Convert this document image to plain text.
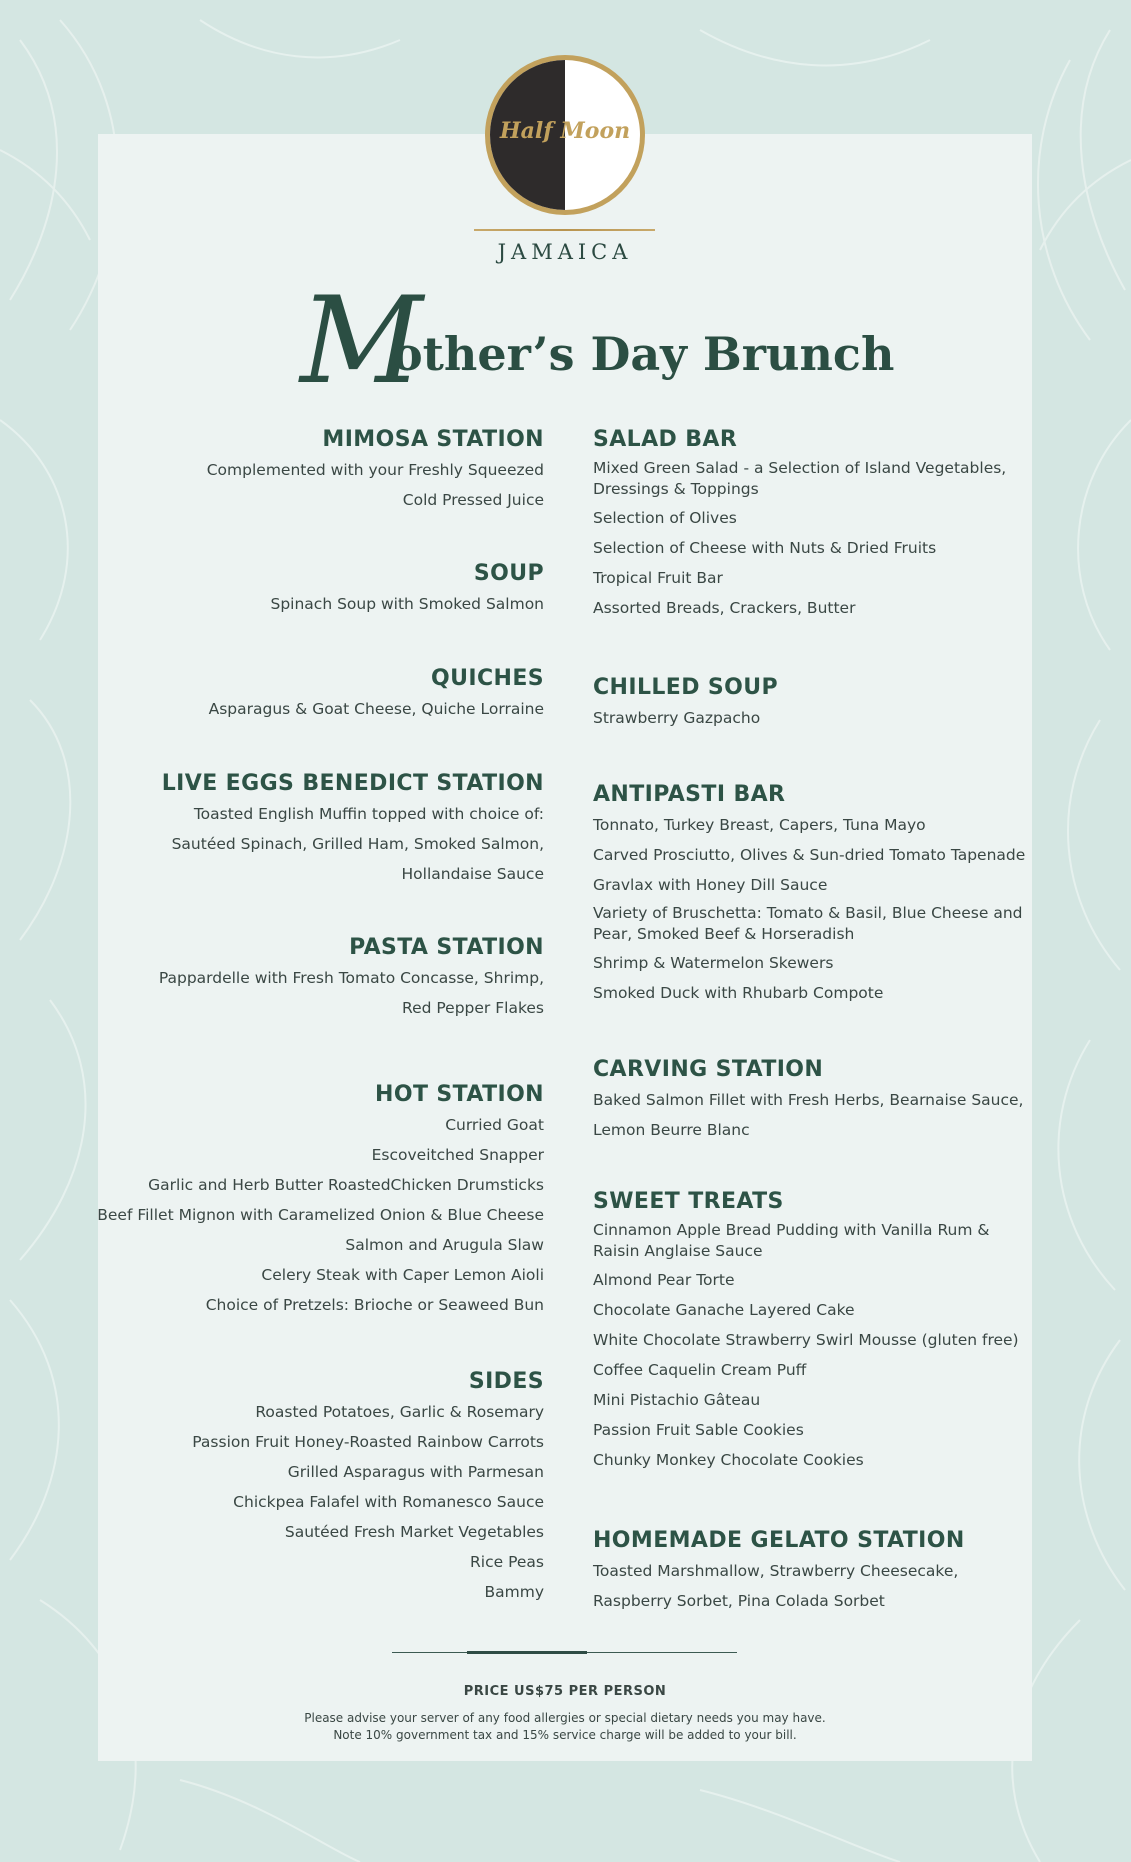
Half Moon
JAMAICA
M
other’s Day Brunch
MIMOSA STATION
Complemented with your Freshly Squeezed
Cold Pressed Juice
SOUP
Spinach Soup with Smoked Salmon
QUICHES
Asparagus & Goat Cheese, Quiche Lorraine
LIVE EGGS BENEDICT STATION
Toasted English Muffin topped with choice of:
Sautéed Spinach, Grilled Ham, Smoked Salmon,
Hollandaise Sauce
PASTA STATION
Pappardelle with Fresh Tomato Concasse, Shrimp,
Red Pepper Flakes
HOT STATION
Curried Goat
Escoveitched Snapper
Garlic and Herb Butter RoastedChicken Drumsticks
Beef Fillet Mignon with Caramelized Onion & Blue Cheese
Salmon and Arugula Slaw
Celery Steak with Caper Lemon Aioli
Choice of Pretzels: Brioche or Seaweed Bun
SIDES
Roasted Potatoes, Garlic & Rosemary
Passion Fruit Honey-Roasted Rainbow Carrots
Grilled Asparagus with Parmesan
Chickpea Falafel with Romanesco Sauce
Sautéed Fresh Market Vegetables
Rice Peas
Bammy
SALAD BAR
Mixed Green Salad - a Selection of Island Vegetables, Dressings & Toppings
Selection of Olives
Selection of Cheese with Nuts & Dried Fruits
Tropical Fruit Bar
Assorted Breads, Crackers, Butter
CHILLED SOUP
Strawberry Gazpacho
ANTIPASTI BAR
Tonnato, Turkey Breast, Capers, Tuna Mayo
Carved Prosciutto, Olives & Sun-dried Tomato Tapenade
Gravlax with Honey Dill Sauce
Variety of Bruschetta: Tomato & Basil, Blue Cheese and Pear, Smoked Beef & Horseradish
Shrimp & Watermelon Skewers
Smoked Duck with Rhubarb Compote
CARVING STATION
Baked Salmon Fillet with Fresh Herbs, Bearnaise Sauce,
Lemon Beurre Blanc
SWEET TREATS
Cinnamon Apple Bread Pudding with Vanilla Rum & Raisin Anglaise Sauce
Almond Pear Torte
Chocolate Ganache Layered Cake
White Chocolate Strawberry Swirl Mousse (gluten free)
Coffee Caquelin Cream Puff
Mini Pistachio Gâteau
Passion Fruit Sable Cookies
Chunky Monkey Chocolate Cookies
HOMEMADE GELATO STATION
Toasted Marshmallow, Strawberry Cheesecake,
Raspberry Sorbet, Pina Colada Sorbet
PRICE US$75 PER PERSON
Please advise your server of any food allergies or special dietary needs you may have.
Note 10% government tax and 15% service charge will be added to your bill.
